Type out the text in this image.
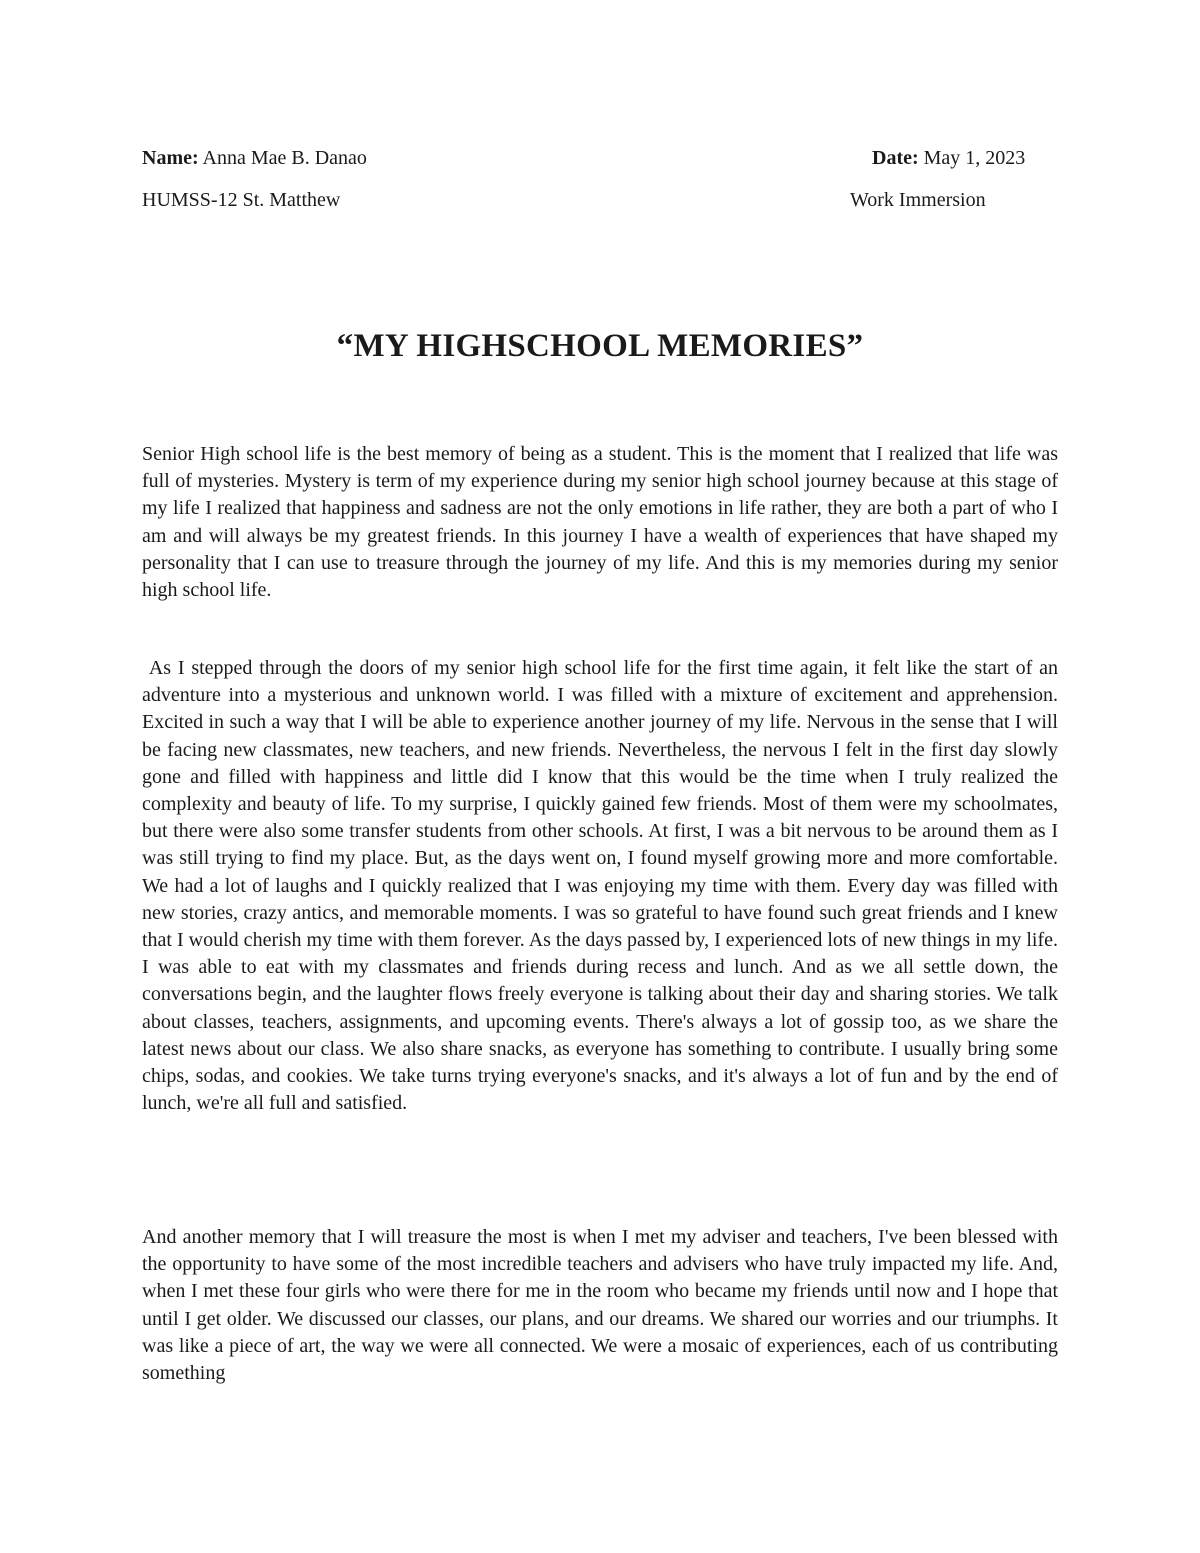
Name: Anna Mae B. Danao	Date: May 1, 2023
HUMSS-12 St. Matthew	Work Immersion
“MY HIGHSCHOOL MEMORIES”

Senior High school life is the best memory of being as a student. This is the moment that I realized that life was full of mysteries. Mystery is term of my experience during my senior high school journey because at this stage of my life I realized that happiness and sadness are not the only emotions in life rather, they are both a part of who I am and will always be my greatest friends. In this journey I have a wealth of experiences that have shaped my personality that I can use to treasure through the journey of my life. And this is my memories during my senior high school life.

As I stepped through the doors of my senior high school life for the first time again, it felt like the start of an adventure into a mysterious and unknown world. I was filled with a mixture of excitement and apprehension.  Excited in such a way that I will be able to experience another journey of my life. Nervous in the sense that I will be facing new classmates, new teachers, and new friends. Nevertheless, the nervous I felt in the first day slowly gone and filled with happiness and little did I know that this would be the time when I truly realized the complexity and beauty of life. To my surprise, I quickly gained few friends. Most of them were my schoolmates, but there were also some transfer students from other schools. At first, I was a bit nervous to be around them as I was still trying to find my place. But, as the days went on, I found myself growing more and more comfortable. We had a lot of laughs and I quickly realized that I was enjoying my time with them. Every day was filled with new stories, crazy antics, and memorable moments. I was so grateful to have found such great friends and I knew that I would cherish my time with them forever. As the days passed by, I experienced lots of new things in my life. I was able to eat with my classmates and friends during recess and lunch. And as we all settle down, the conversations begin, and the laughter flows freely everyone is talking about their day and sharing stories. We talk about classes, teachers, assignments, and upcoming events. There's always a lot of gossip too, as we share the latest news about our class. We also share snacks, as everyone has something to contribute. I usually bring some chips, sodas, and cookies. We take turns trying everyone's snacks, and it's always a lot of fun and by the end of lunch, we're all full and satisfied.

And another memory that I will treasure the most is when I met my adviser and teachers, I've been blessed with the opportunity to have some of the most incredible teachers and advisers who have truly impacted my life. And, when I met these four girls who were there for me in the room who became my friends until now and I hope that until I get older. We discussed our classes, our plans, and our dreams. We shared our worries and our triumphs. It was like a piece of art, the way we were all connected. We were a mosaic of experiences, each of us contributing something
